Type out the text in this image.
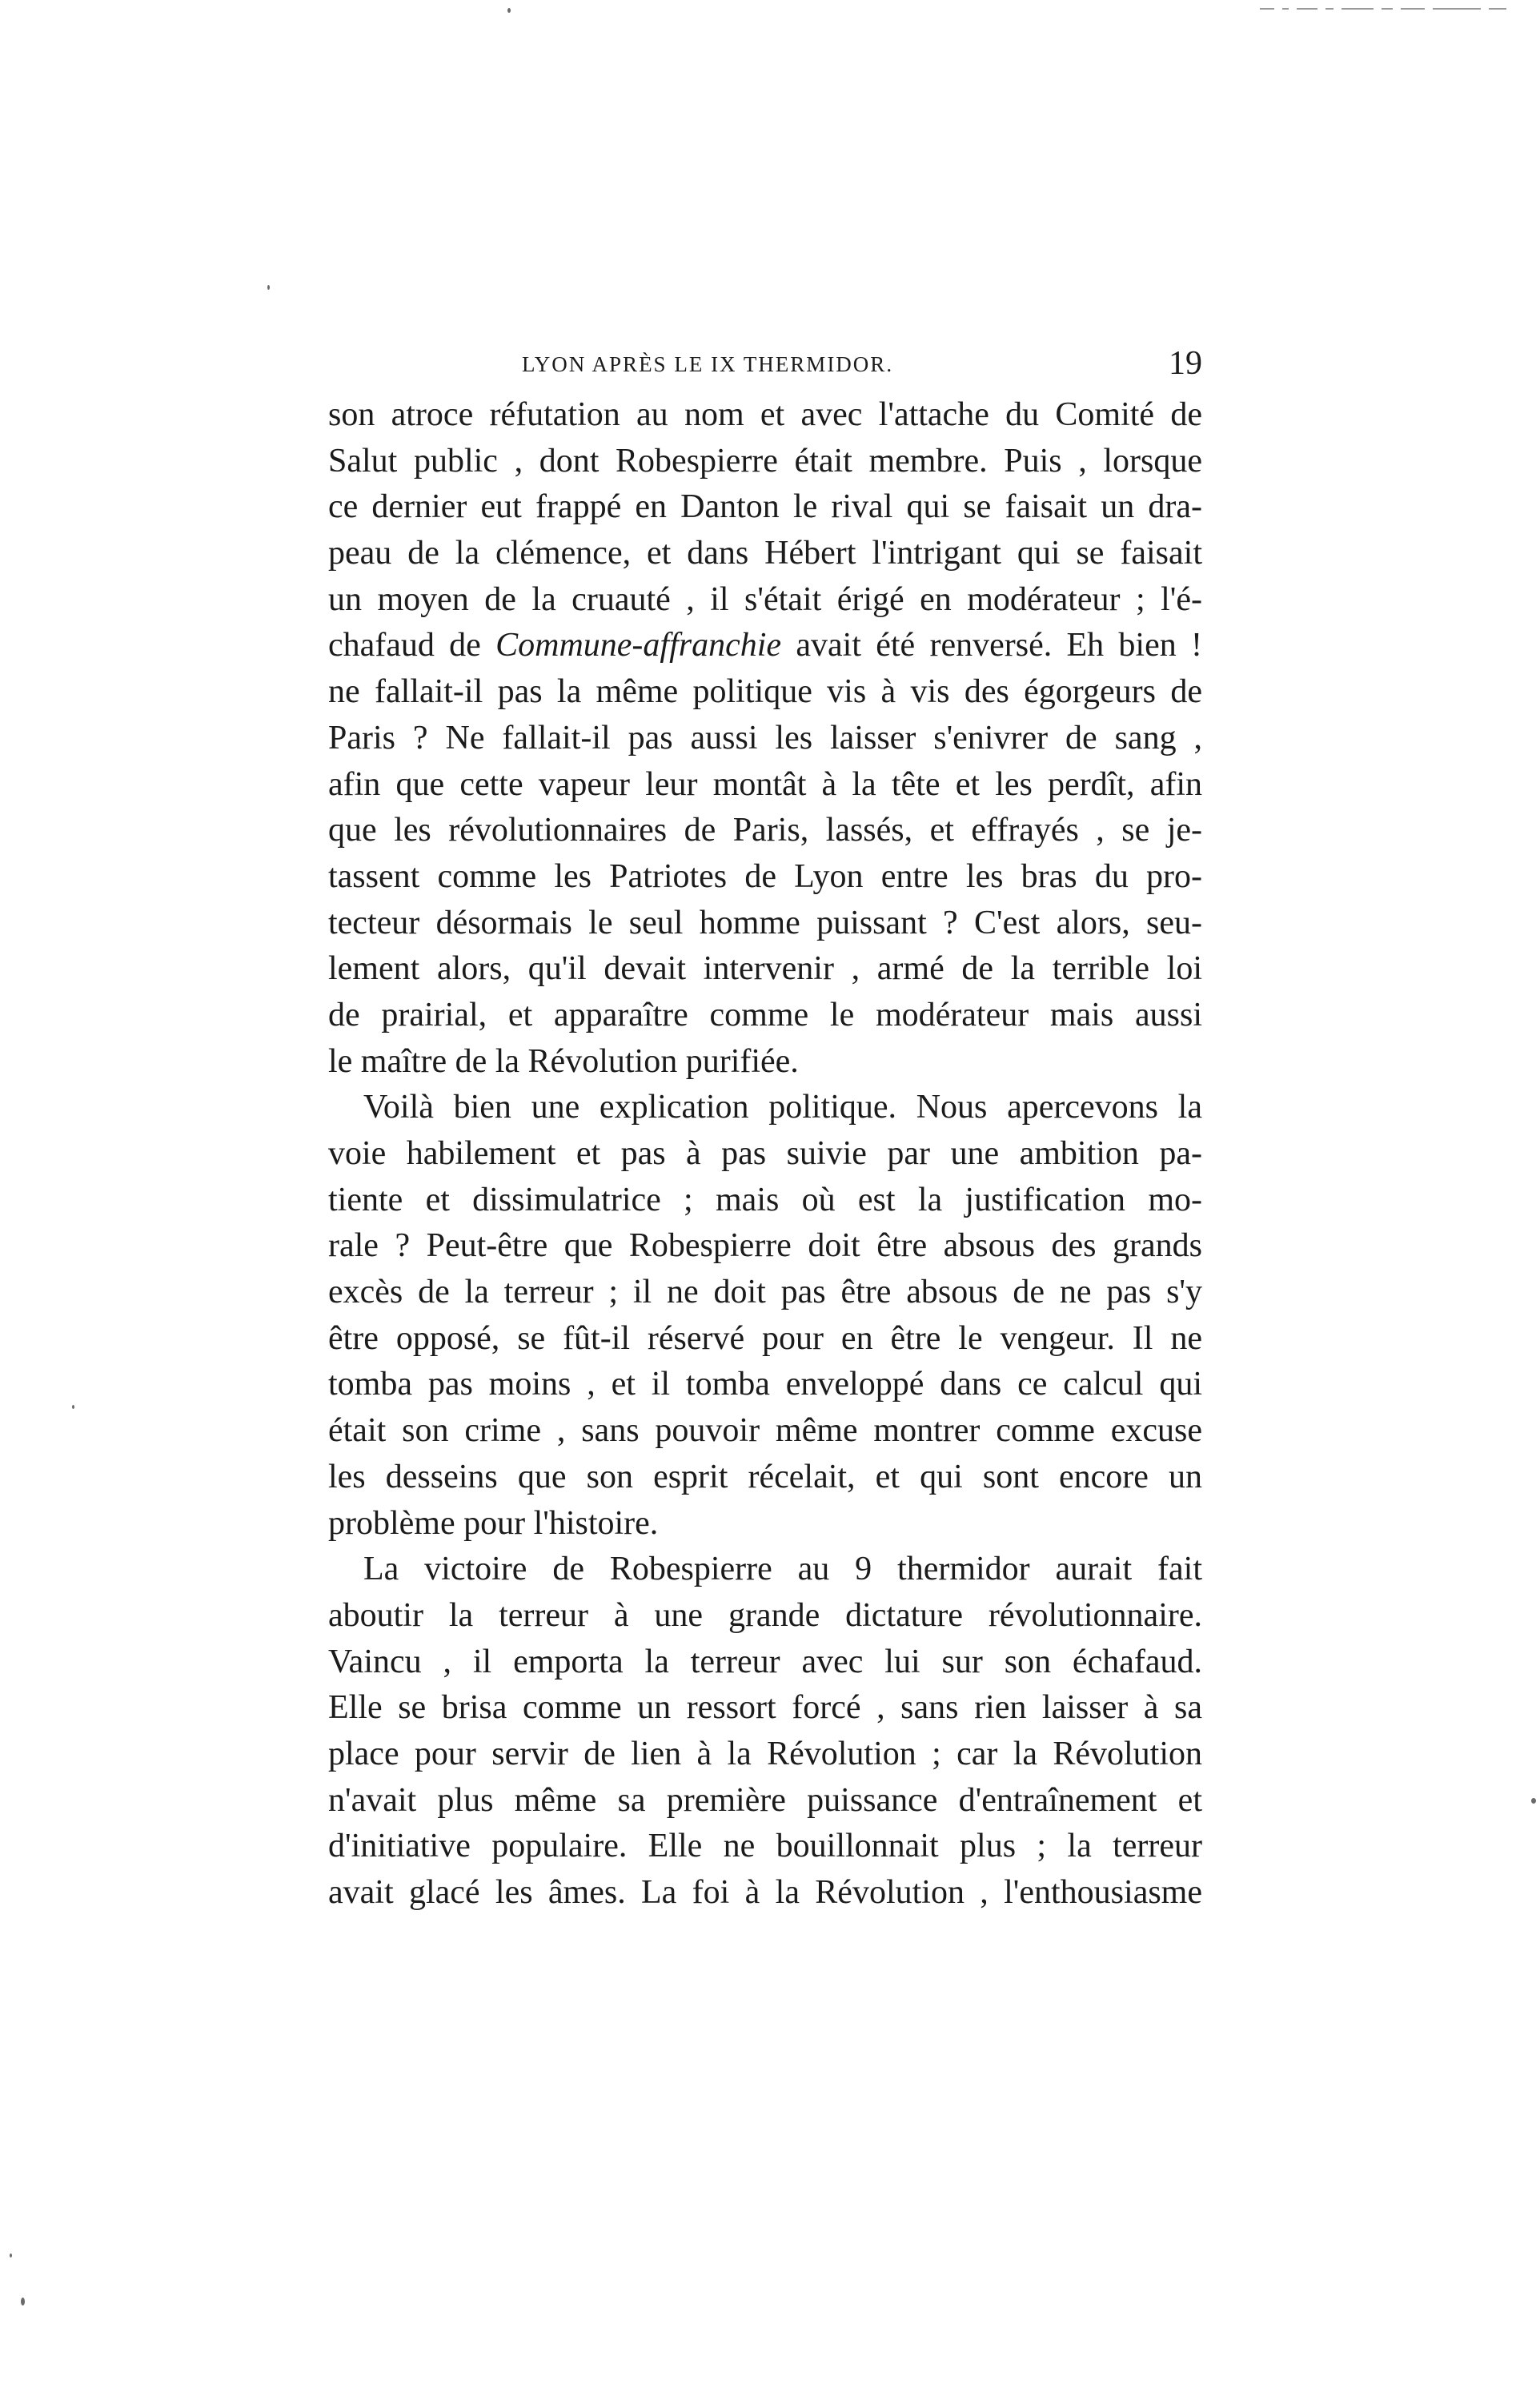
LYON APRÈS LE IX THERMIDOR.	19
son atroce réfutation au nom et avec l'attache du Comité de
Salut public , dont Robespierre était membre. Puis , lorsque
ce dernier eut frappé en Danton le rival qui se faisait un dra-
peau de la clémence, et dans Hébert l'intrigant qui se faisait
un moyen de la cruauté , il s'était érigé en modérateur ; l'é-
chafaud de Commune-affranchie avait été renversé. Eh bien !
ne fallait-il pas la même politique vis à vis des égorgeurs de
Paris ? Ne fallait-il pas aussi les laisser s'enivrer de sang ,
afin que cette vapeur leur montât à la tête et les perdît, afin
que les révolutionnaires de Paris, lassés, et effrayés , se je-
tassent comme les Patriotes de Lyon entre les bras du pro-
tecteur désormais le seul homme puissant ? C'est alors, seu-
lement alors, qu'il devait intervenir , armé de la terrible loi
de prairial, et apparaître comme le modérateur mais aussi
le maître de la Révolution purifiée.
Voilà bien une explication politique. Nous apercevons la
voie habilement et pas à pas suivie par une ambition pa-
tiente et dissimulatrice ; mais où est la justification mo-
rale ? Peut-être que Robespierre doit être absous des grands
excès de la terreur ; il ne doit pas être absous de ne pas s'y
être opposé, se fût-il réservé pour en être le vengeur. Il ne
tomba pas moins , et il tomba enveloppé dans ce calcul qui
était son crime , sans pouvoir même montrer comme excuse
les desseins que son esprit récelait, et qui sont encore un
problème pour l'histoire.
La victoire de Robespierre au 9 thermidor aurait fait
aboutir la terreur à une grande dictature révolutionnaire.
Vaincu , il emporta la terreur avec lui sur son échafaud.
Elle se brisa comme un ressort forcé , sans rien laisser à sa
place pour servir de lien à la Révolution ; car la Révolution
n'avait plus même sa première puissance d'entraînement et
d'initiative populaire. Elle ne bouillonnait plus ; la terreur
avait glacé les âmes. La foi à la Révolution , l'enthousiasme
